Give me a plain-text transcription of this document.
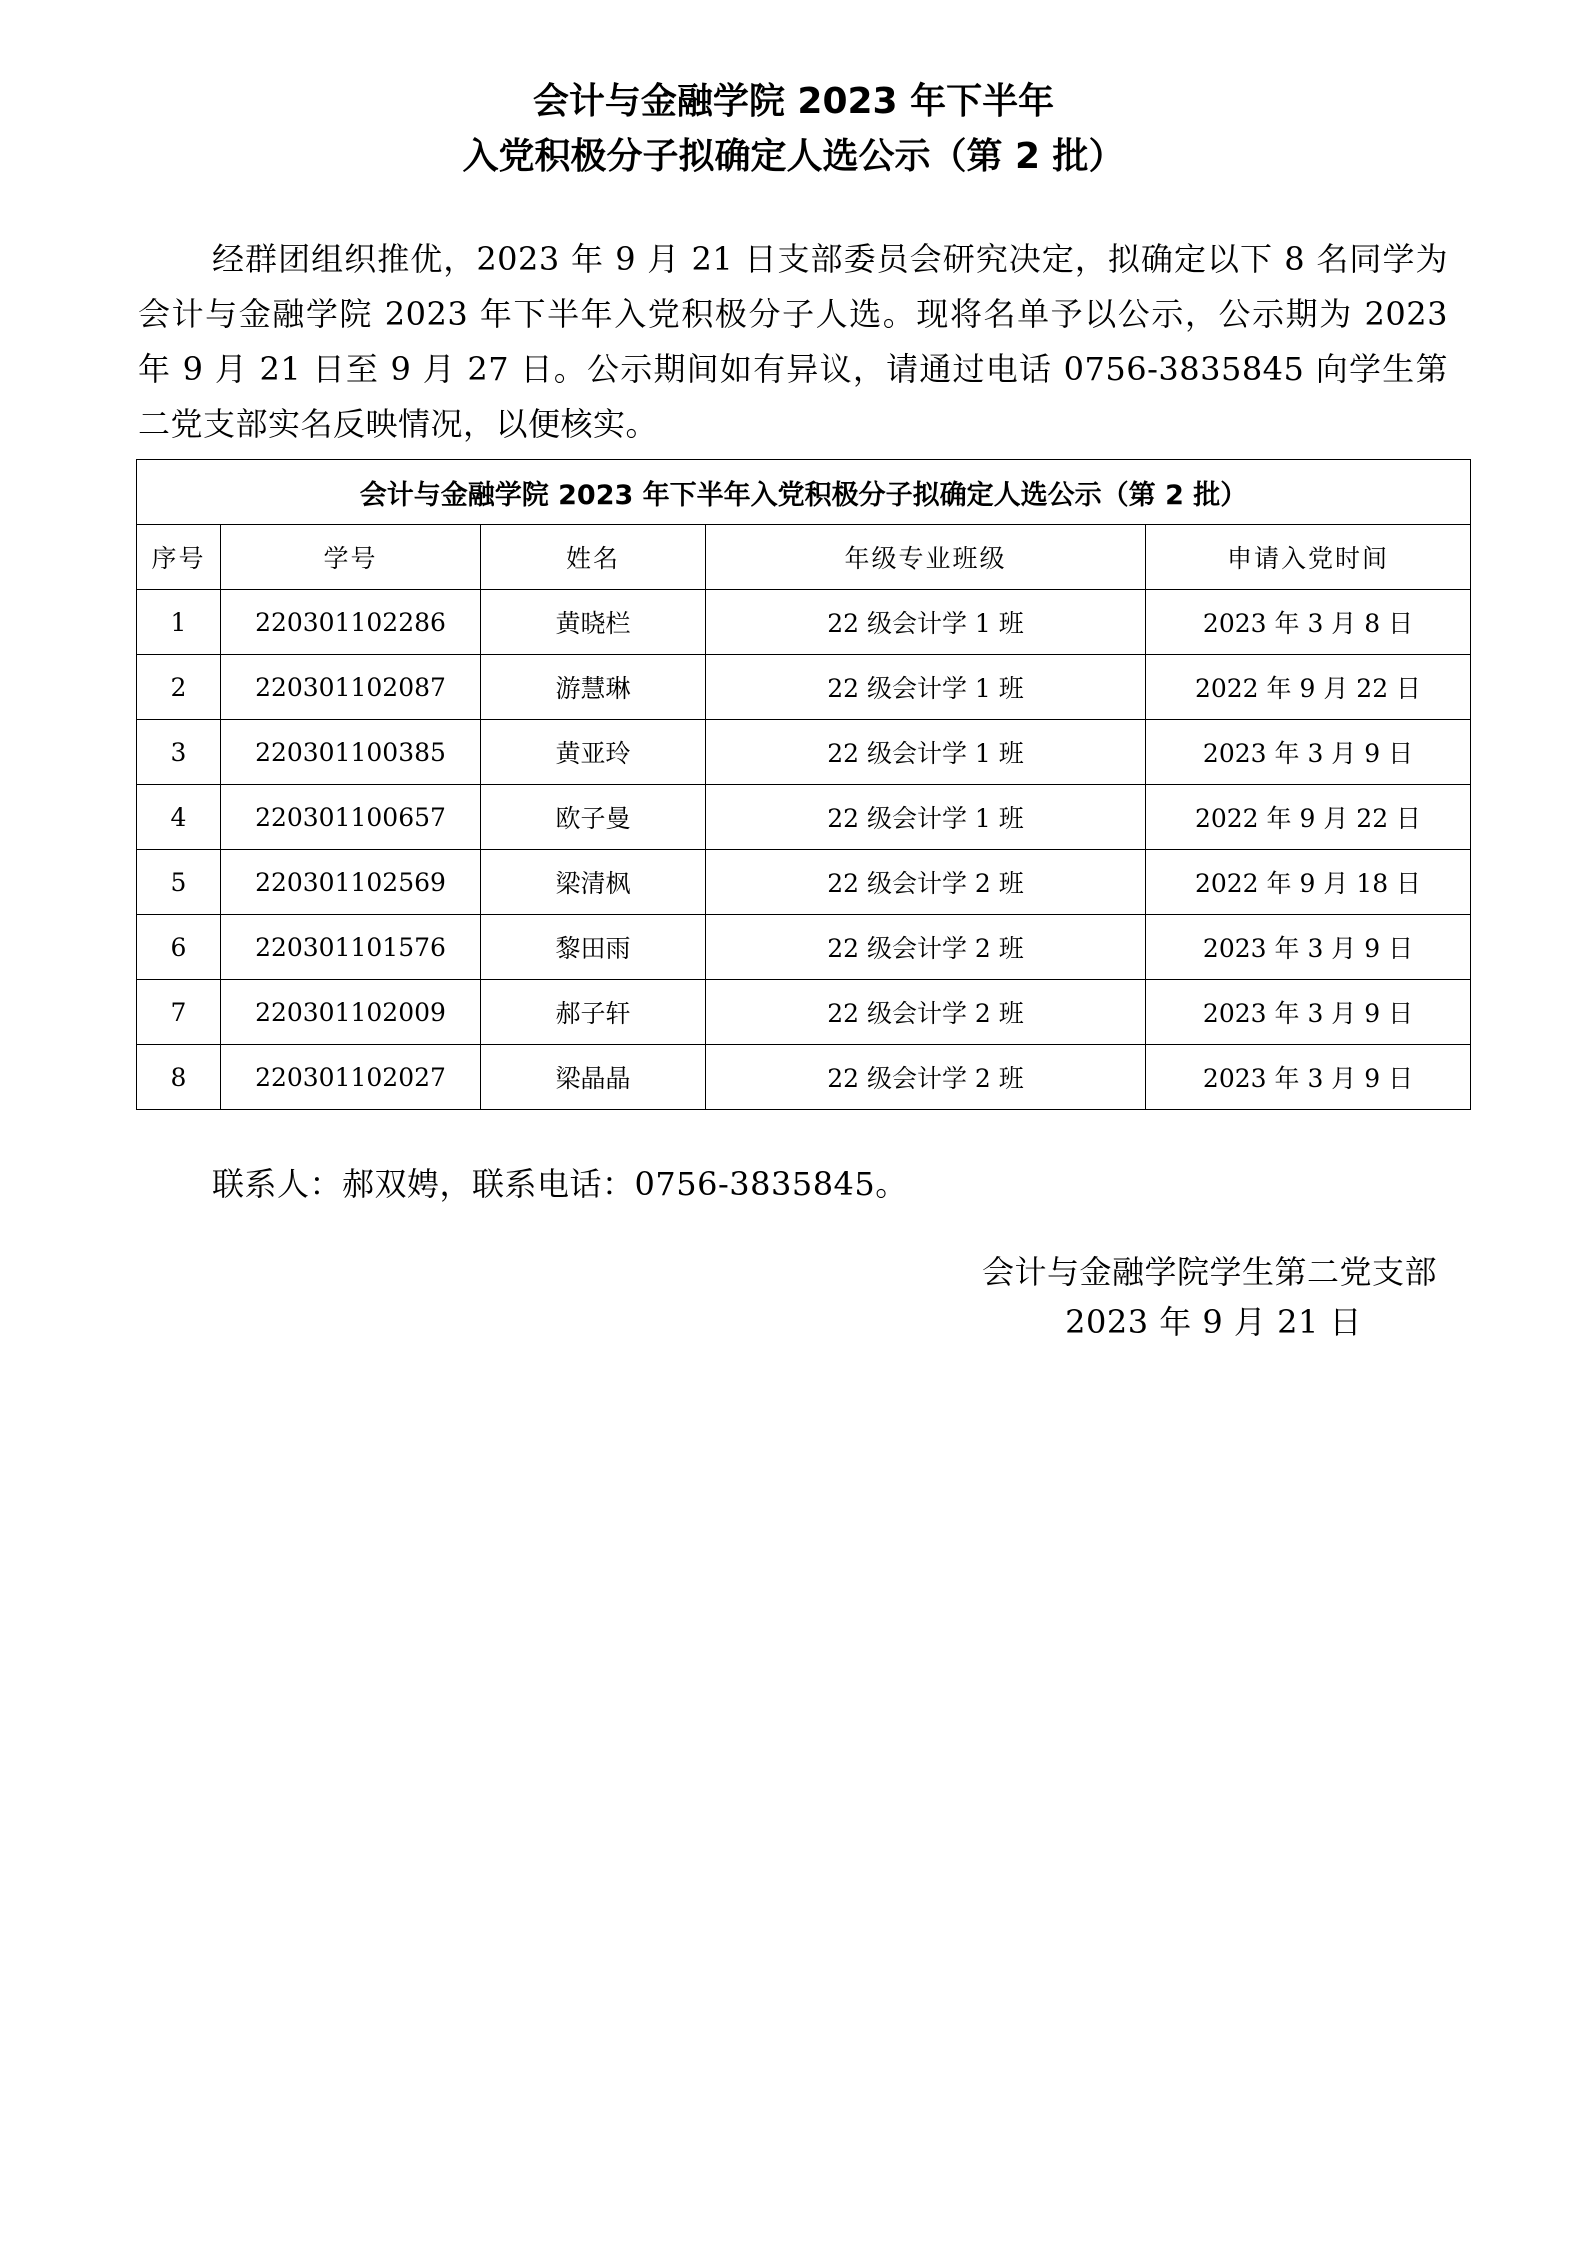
会计与金融学院 2023 年下半年
入党积极分子拟确定人选公示（第 2 批）

经群团组织推优，2023 年 9 月 21 日支部委员会研究决定，拟确定以下 8 名同学为会计与金融学院 2023 年下半年入党积极分子人选。现将名单予以公示，公示期为 2023 年 9 月 21 日至 9 月 27 日。公示期间如有异议，请通过电话 0756-3835845 向学生第二党支部实名反映情况，以便核实。

会计与金融学院 2023 年下半年入党积极分子拟确定人选公示（第 2 批）				
序号	学号	姓名	年级专业班级	申请入党时间
1	220301102286	黄晓栏	22 级会计学 1 班	2023 年 3 月 8 日
2	220301102087	游慧琳	22 级会计学 1 班	2022 年 9 月 22 日
3	220301100385	黄亚玲	22 级会计学 1 班	2023 年 3 月 9 日
4	220301100657	欧子曼	22 级会计学 1 班	2022 年 9 月 22 日
5	220301102569	梁清枫	22 级会计学 2 班	2022 年 9 月 18 日
6	220301101576	黎田雨	22 级会计学 2 班	2023 年 3 月 9 日
7	220301102009	郝子轩	22 级会计学 2 班	2023 年 3 月 9 日
8	220301102027	梁晶晶	22 级会计学 2 班	2023 年 3 月 9 日
联系人：郝双娉，联系电话：0756-3835845。
会计与金融学院学生第二党支部
2023 年 9 月 21 日
